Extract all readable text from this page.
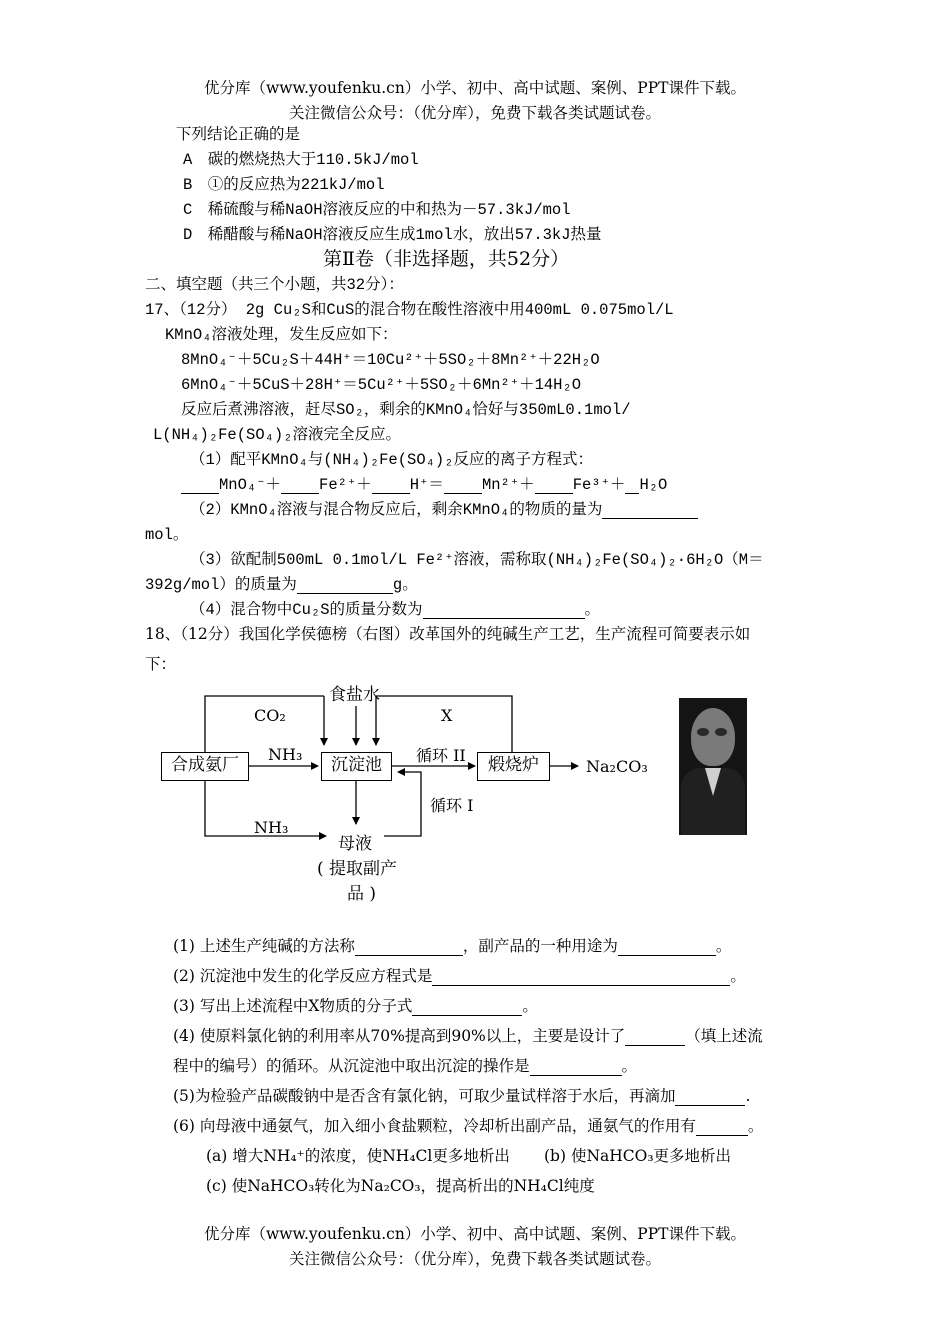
优分库（www.youfenku.cn）小学、初中、高中试题、案例、PPT课件下载。
关注微信公众号：（优分库），免费下载各类试题试卷。
下列结论正确的是
A　碳的燃烧热大于110.5kJ/mol
B　①的反应热为221kJ/mol
C　稀硫酸与稀NaOH溶液反应的中和热为－57.3kJ/mol
D　稀醋酸与稀NaOH溶液反应生成1mol水，放出57.3kJ热量
第Ⅱ卷（非选择题，共52分）
二、填空题（共三个小题，共32分）：
17、（12分） 2g Cu₂S和CuS的混合物在酸性溶液中用400mL 0.075mol/L
KMnO₄溶液处理，发生反应如下：
8MnO₄⁻＋5Cu₂S＋44H⁺＝10Cu²⁺＋5SO₂＋8Mn²⁺＋22H₂O
6MnO₄⁻＋5CuS＋28H⁺＝5Cu²⁺＋5SO₂＋6Mn²⁺＋14H₂O
反应后煮沸溶液，赶尽SO₂，剩余的KMnO₄恰好与350mL0.1mol/
L(NH₄)₂Fe(SO₄)₂溶液完全反应。
（1）配平KMnO₄与(NH₄)₂Fe(SO₄)₂反应的离子方程式：
MnO₄⁻＋ Fe²⁺＋ H⁺＝ Mn²⁺＋ Fe³⁺＋ H₂O
（2）KMnO₄溶液与混合物反应后，剩余KMnO₄的物质的量为
mol。
（3）欲配制500mL 0.1mol/L Fe²⁺溶液，需称取(NH₄)₂Fe(SO₄)₂·6H₂O（M＝
392g/mol）的质量为	g。
（4）混合物中Cu₂S的质量分数为	。
18、（12分）我国化学侯德榜（右图）改革国外的纯碱生产工艺，生产流程可简要表示如
下：
合成氨厂	沉淀池	煅烧炉
食盐水
CO₂	X
NH₃	循环 II
Na₂CO₃
循环 I
NH₃
母液
( 提取副产
品 )
(1) 上述生产纯碱的方法称	，副产品的一种用途为	。
(2) 沉淀池中发生的化学反应方程式是	。
(3) 写出上述流程中X物质的分子式	。
(4) 使原料氯化钠的利用率从70%提高到90%以上，主要是设计了	（填上述流
程中的编号）的循环。从沉淀池中取出沉淀的操作是	。
(5)为检验产品碳酸钠中是否含有氯化钠，可取少量试样溶于水后，再滴加	.
(6) 向母液中通氨气，加入细小食盐颗粒，冷却析出副产品，通氨气的作用有	。
(a) 增大NH₄⁺的浓度，使NH₄Cl更多地析出 (b) 使NaHCO₃更多地析出
(c) 使NaHCO₃转化为Na₂CO₃，提高析出的NH₄Cl纯度
优分库（www.youfenku.cn）小学、初中、高中试题、案例、PPT课件下载。
关注微信公众号：（优分库），免费下载各类试题试卷。
